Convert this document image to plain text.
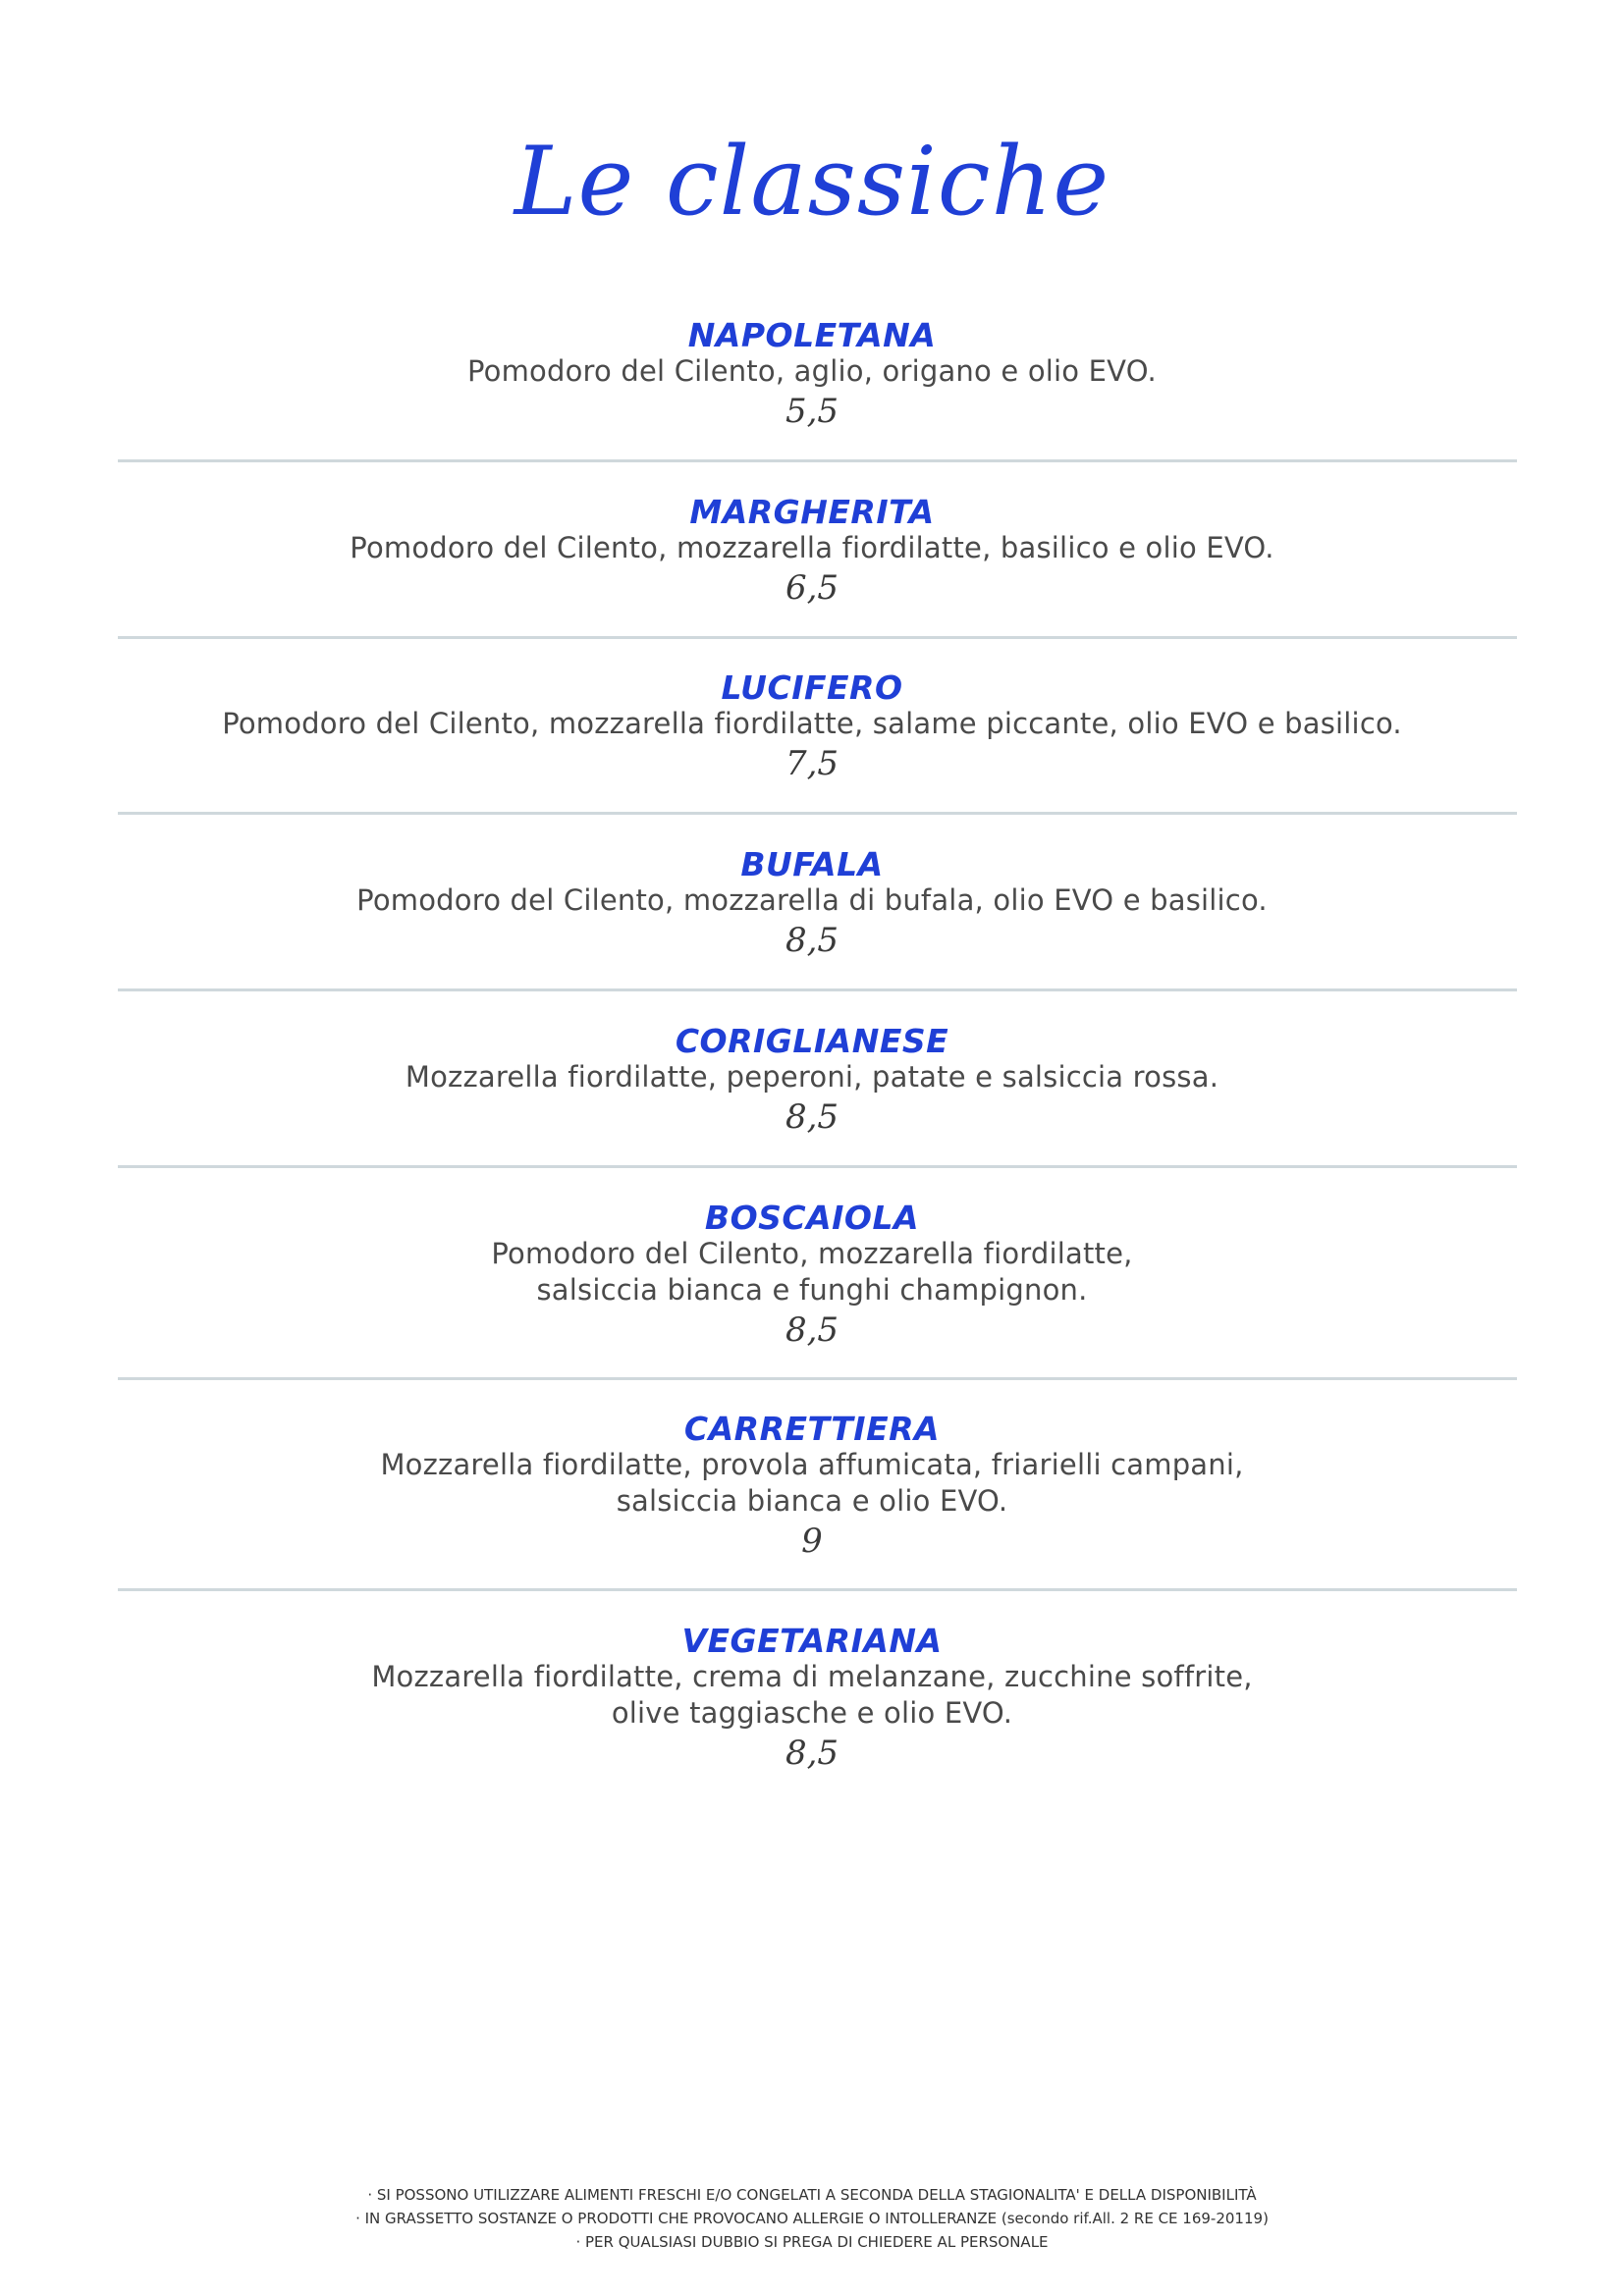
Le classiche
NAPOLETANA
Pomodoro del Cilento, aglio, origano e olio EVO.
5,5
MARGHERITA
Pomodoro del Cilento, mozzarella fiordilatte, basilico e olio EVO.
6,5
LUCIFERO
Pomodoro del Cilento, mozzarella fiordilatte, salame piccante, olio EVO e basilico.
7,5
BUFALA
Pomodoro del Cilento, mozzarella di bufala, olio EVO e basilico.
8,5
CORIGLIANESE
Mozzarella fiordilatte, peperoni, patate e salsiccia rossa.
8,5
BOSCAIOLA
Pomodoro del Cilento, mozzarella fiordilatte,
salsiccia bianca e funghi champignon.
8,5
CARRETTIERA
Mozzarella fiordilatte, provola affumicata, friarielli campani,
salsiccia bianca e olio EVO.
9
VEGETARIANA
Mozzarella fiordilatte, crema di melanzane, zucchine soffrite,
olive taggiasche e olio EVO.
8,5
· SI POSSONO UTILIZZARE ALIMENTI FRESCHI E/O CONGELATI A SECONDA DELLA STAGIONALITA' E DELLA DISPONIBILITÀ
· IN GRASSETTO SOSTANZE O PRODOTTI CHE PROVOCANO ALLERGIE O INTOLLERANZE (secondo rif.All. 2 RE CE 169-20119)
· PER QUALSIASI DUBBIO SI PREGA DI CHIEDERE AL PERSONALE
